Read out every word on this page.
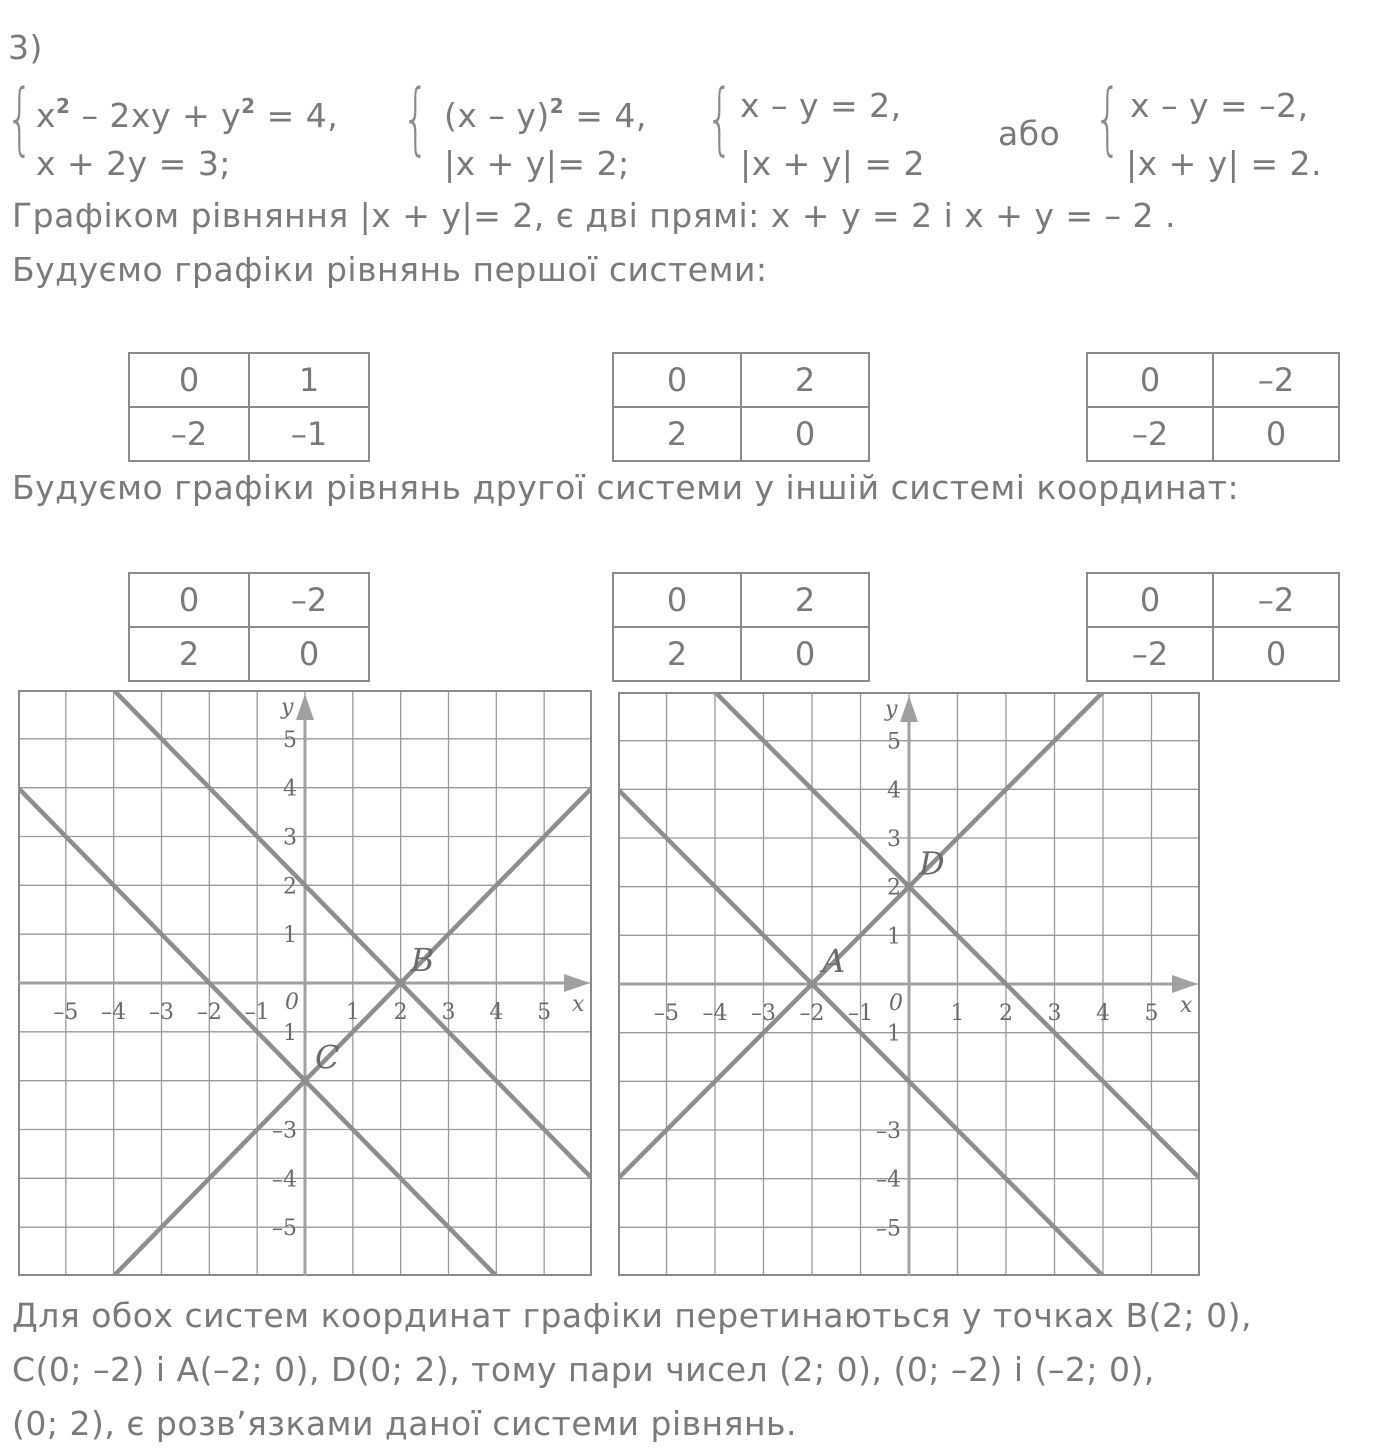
3)
{ $x^2 - 2xy + y^2 = 4$,
x + 2y = 3; { (x – y)$^2$ = 4,
|x + y|= 2; { x – y = 2,
|x + y| = 2
або { x – y = –2,
|x + y| = 2.
Графіком рівняння |x + y|= 2, є дві прямі: x + y = 2 і x + y = – 2 .
Будуємо графіки рівнянь першої системи:
0	1
–2	–1
0	2
2	0
0	–2
–2	0
Будуємо графіки рівнянь другої системи у іншій системі координат:
0	–2
2	0
0	2
2	0
0	–2
–2	0
–5 –4 –3 –2 –1	1 2 3 4 5
5
4
3
2
1
1
–3
–4
–5
0	x
y
B
C
–5 –4 –3 –2 –1	1 2 3 4 5
5
4
3
2
1
1
–3
–4
–5
0	x
y
A
D
Для обох систем координат графіки перетинаються у точках B(2; 0),
C(0; –2) і A(–2; 0), D(0; 2), тому пари чисел (2; 0), (0; –2) і (–2; 0),
(0; 2), є розв’язками даної системи рівнянь.
